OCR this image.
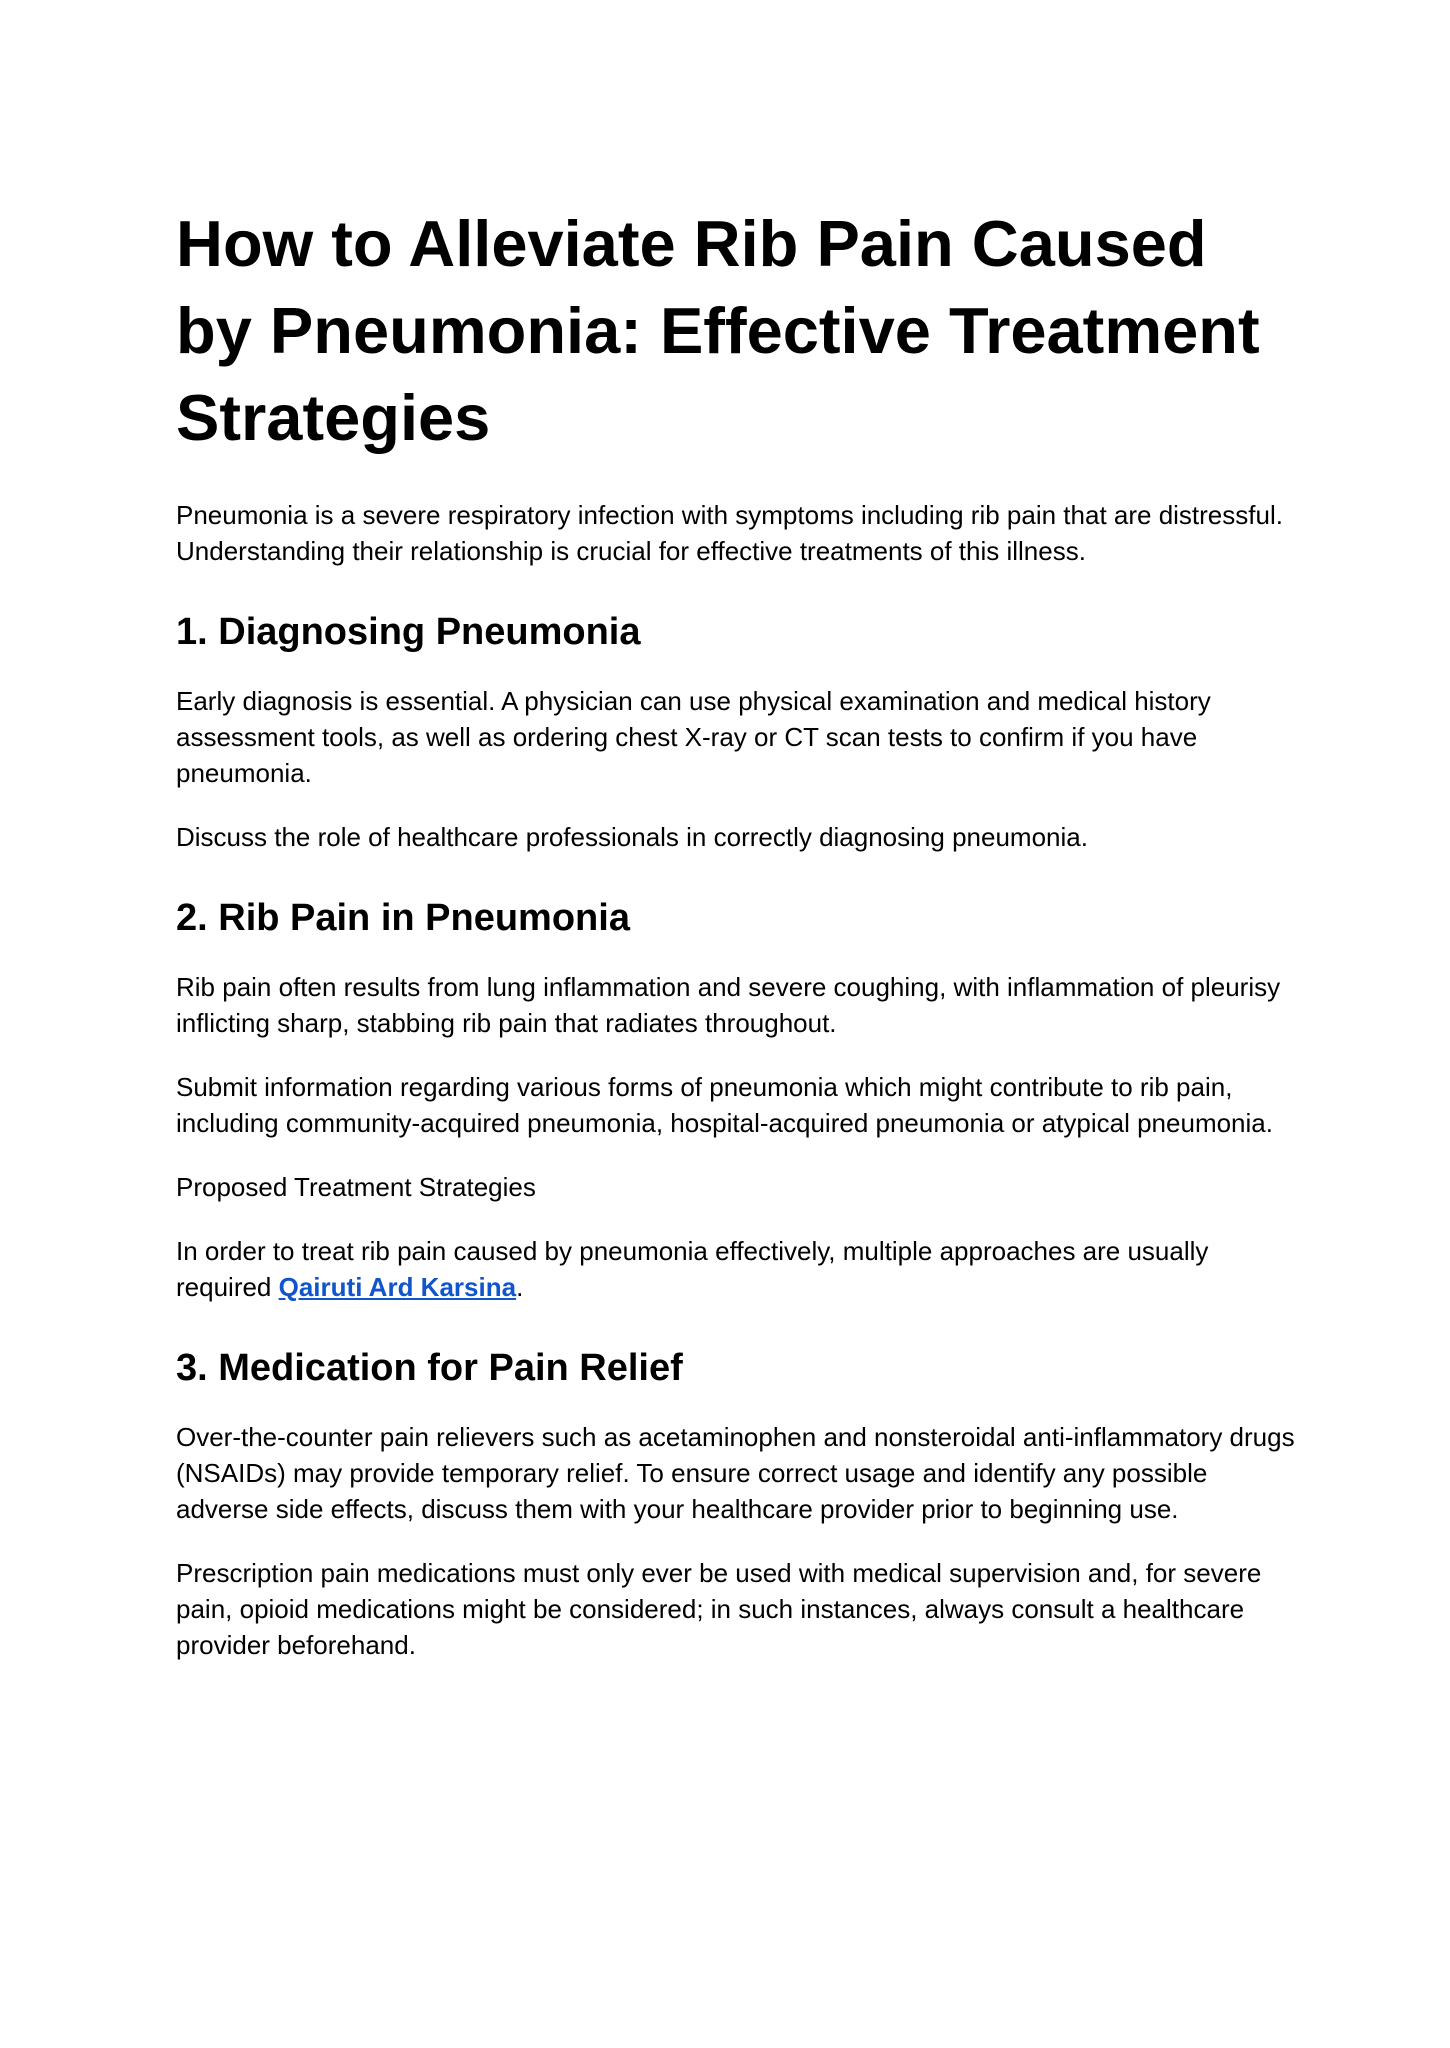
How to Alleviate Rib Pain Caused by Pneumonia: Effective Treatment Strategies

Pneumonia is a severe respiratory infection with symptoms including rib pain that are distressful. Understanding their relationship is crucial for effective treatments of this illness.

1. Diagnosing Pneumonia

Early diagnosis is essential. A physician can use physical examination and medical history assessment tools, as well as ordering chest X-ray or CT scan tests to confirm if you have pneumonia.

Discuss the role of healthcare professionals in correctly diagnosing pneumonia.

2. Rib Pain in Pneumonia

Rib pain often results from lung inflammation and severe coughing, with inflammation of pleurisy inflicting sharp, stabbing rib pain that radiates throughout.

Submit information regarding various forms of pneumonia which might contribute to rib pain, including community-acquired pneumonia, hospital-acquired pneumonia or atypical pneumonia.

Proposed Treatment Strategies

In order to treat rib pain caused by pneumonia effectively, multiple approaches are usually required Qairuti Ard Karsina.

3. Medication for Pain Relief

Over-the-counter pain relievers such as acetaminophen and nonsteroidal anti-inflammatory drugs (NSAIDs) may provide temporary relief. To ensure correct usage and identify any possible adverse side effects, discuss them with your healthcare provider prior to beginning use.

Prescription pain medications must only ever be used with medical supervision and, for severe pain, opioid medications might be considered; in such instances, always consult a healthcare provider beforehand.
